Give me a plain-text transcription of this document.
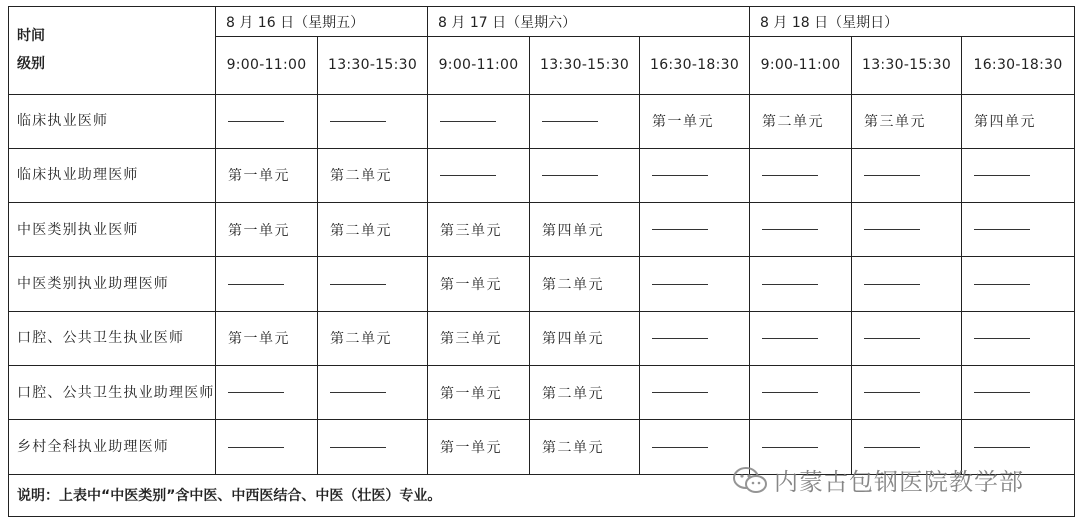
时间
级别	8 月 16 日（星期五）		8 月 17 日（星期六）			8 月 18 日（星期日）		
	9:00-11:00	13:30-15:30	9:00-11:00	13:30-15:30	16:30-18:30	9:00-11:00	13:30-15:30	16:30-18:30
临床执业医师					第一单元	第二单元	第三单元	第四单元
临床执业助理医师	第一单元	第二单元						
中医类别执业医师	第一单元	第二单元	第三单元	第四单元				
中医类别执业助理医师			第一单元	第二单元				
口腔、公共卫生执业医师	第一单元	第二单元	第三单元	第四单元				
口腔、公共卫生执业助理医师			第一单元	第二单元				
乡村全科执业助理医师			第一单元	第二单元				
说明：上表中“中医类别”含中医、中西医结合、中医（壮医）专业。								
内蒙古包钢医院教学部
